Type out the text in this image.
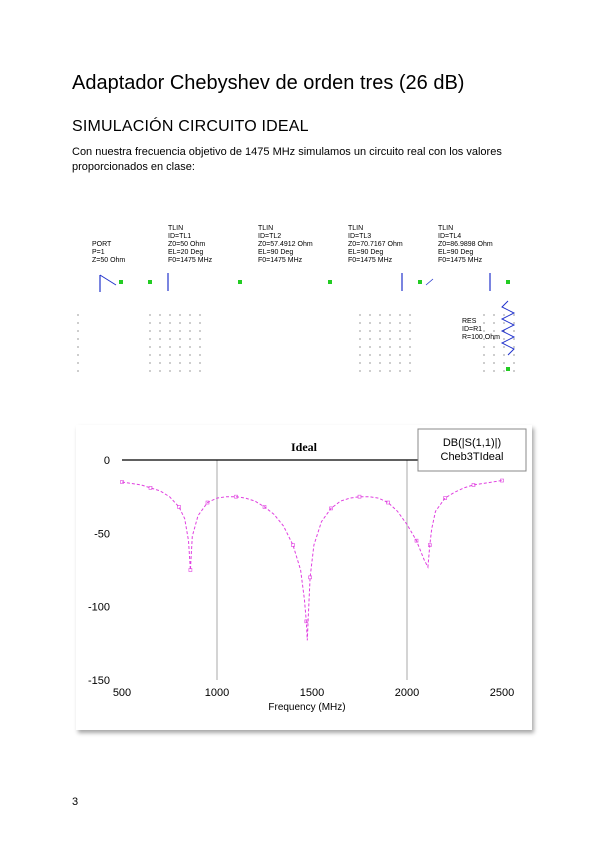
Adaptador Chebyshev de orden tres (26 dB)
SIMULACIÓN CIRCUITO IDEAL

Con nuestra frecuencia objetivo de 1475 MHz simulamos un circuito real con los valores proporcionados en clase:

PORT P=1 Z=50 Ohm
TLIN ID=TL1 Z0=50 Ohm EL=20 Deg F0=1475 MHz
TLIN ID=TL2 Z0=57.4912 Ohm EL=90 Deg F0=1475 MHz
TLIN ID=TL3 Z0=70.7167 Ohm EL=90 Deg F0=1475 MHz
TLIN ID=TL4 Z0=86.9898 Ohm EL=90 Deg F0=1475 MHz
RES ID=R1 R=100 Ohm
0
-50
-100
-150
500	1000	1500	2000	2500
Frequency (MHz)
Ideal	DB(|S(1,1)|)
Cheb3TIdeal
3
